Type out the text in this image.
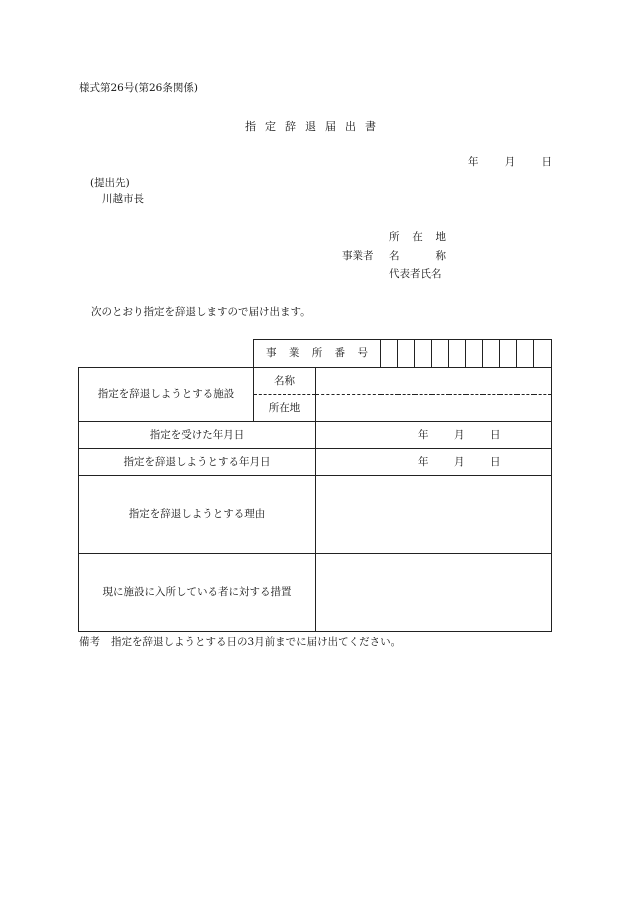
様式第26号(第26条関係)
指定辞退届出書
年	月	日
(提出先)
川越市長
事業者
所 在 地
名	称
代表者氏名
次のとおり指定を辞退しますので届け出ます。

	事 業 所 番 号											

指定を辞退しようとする施設	名称											
	所在地											
指定を受けた年月日		年 月 日										

指定を辞退しようとする年月日		年 月 日										

指定を辞退しようとする理由												
現に施設に入所している者に対する措置												
備考 指定を辞退しようとする日の3月前までに届け出てください。
